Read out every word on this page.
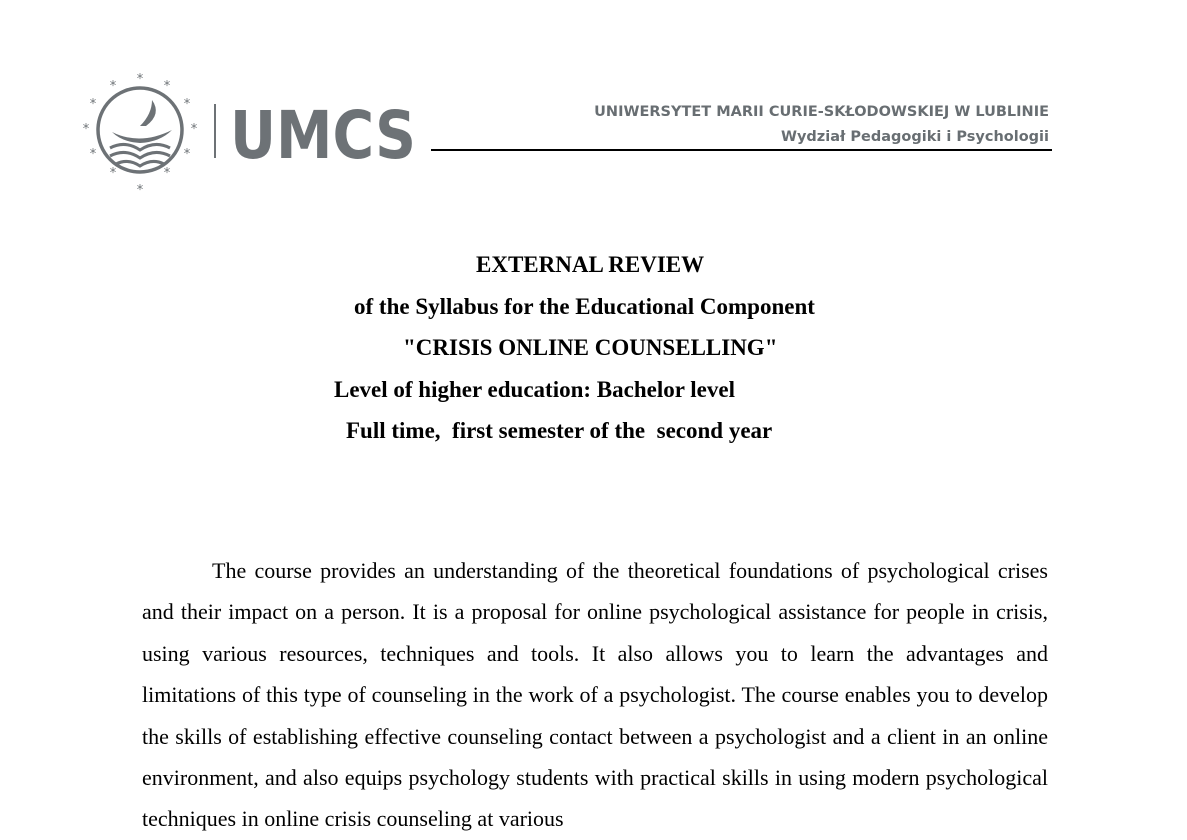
* *
*
*
*
*
*
*
*
*
*
*
UMCS	UNIWERSYTET MARII CURIE-SKŁODOWSKIEJ W LUBLINIE
Wydział Pedagogiki i Psychologii
EXTERNAL REVIEW
of the Syllabus for the Educational Component
"CRISIS ONLINE COUNSELLING"
Level of higher education: Bachelor level
Full time,  first semester of the  second year

The course provides an understanding of the theoretical foundations of psychological crises and their impact on a person. It is a proposal for online psychological assistance for people in crisis, using various resources, techniques and tools. It also allows you to learn the advantages and limitations of this type of counseling in the work of a psychologist. The course enables you to develop the skills of establishing effective counseling contact between a psychologist and a client in an online environment, and also equips psychology students with practical skills in using modern psychological techniques in online crisis counseling at various
